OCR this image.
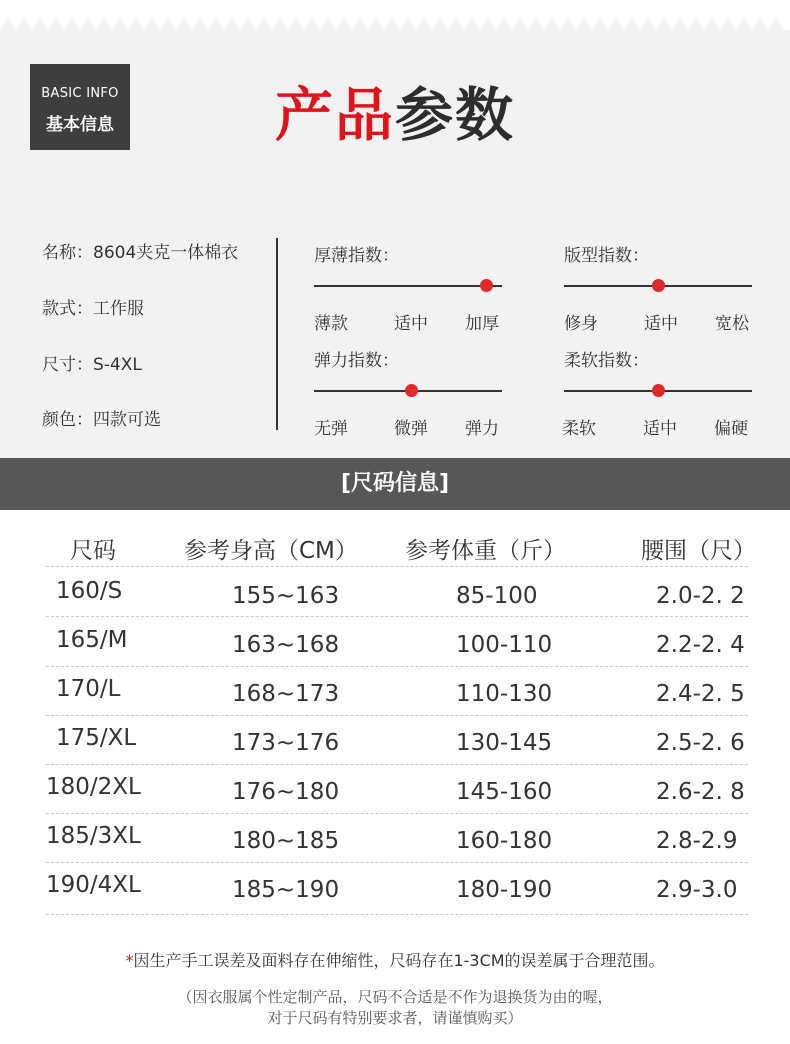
BASIC INFO
基本信息	产品参数
名称：8604夹克一体棉衣
款式：工作服
尺寸：S-4XL
颜色：四款可选
厚薄指数：
薄款	适中 加厚
版型指数：
修身	适中 宽松
弹力指数：
无弹	微弹 弹力
柔软指数：
柔软	适中 偏硬
[尺码信息]
尺码	参考身高（CM） 参考体重（斤）	腰围（尺）
160/S	155~163	85-100	2.0-2. 2
165/M	163~168	100-110	2.2-2. 4
170/L	168~173	110-130	2.4-2. 5
175/XL	173~176	130-145	2.5-2. 6
180/2XL	176~180	145-160	2.6-2. 8
185/3XL	180~185	160-180	2.8-2.9
190/4XL	185~190	180-190	2.9-3.0
*因生产手工误差及面料存在伸缩性，尺码存在1-3CM的误差属于合理范围。
（因衣服属个性定制产品，尺码不合适是不作为退换货为由的喔，
对于尺码有特别要求者，请谨慎购买）
